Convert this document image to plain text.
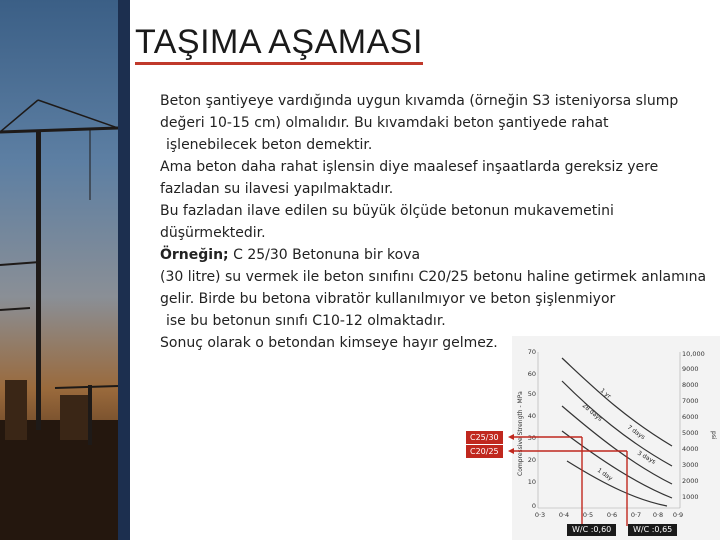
TAŞIMA AŞAMASI

Beton şantiyeye vardığında uygun kıvamda (örneğin S3 isteniyorsa slump değeri 10-15 cm) olmalıdır. Bu kıvamdaki beton şantiyede rahat

işlenebilecek beton demektir.

Ama beton daha rahat işlensin diye maalesef inşaatlarda gereksiz yere fazladan su ilavesi yapılmaktadır.

Bu fazladan ilave edilen su büyük ölçüde betonun mukavemetini düşürmektedir.

Örneğin; C 25/30 Betonuna bir kova

(30 litre) su vermek ile beton sınıfını C20/25 betonu haline getirmek anlamına gelir. Birde bu betona vibratör kullanılmıyor ve beton şişlenmiyor

ise bu betonun sınıfı C10-12 olmaktadır.

Sonuç olarak o betondan kimseye hayır gelmez.

1 yr
28 days
7 days
3 days
1 day
70
60
50
40
30
20
10
0
10,000
9000
8000
7000
6000
5000
4000
3000
2000
1000
0·3 0·4 0·5 0·6 0·7 0·8 0·9
Compressive Strength - MPa	psi
C25/30
C20/25
W/C :0,60	W/C :0,65
